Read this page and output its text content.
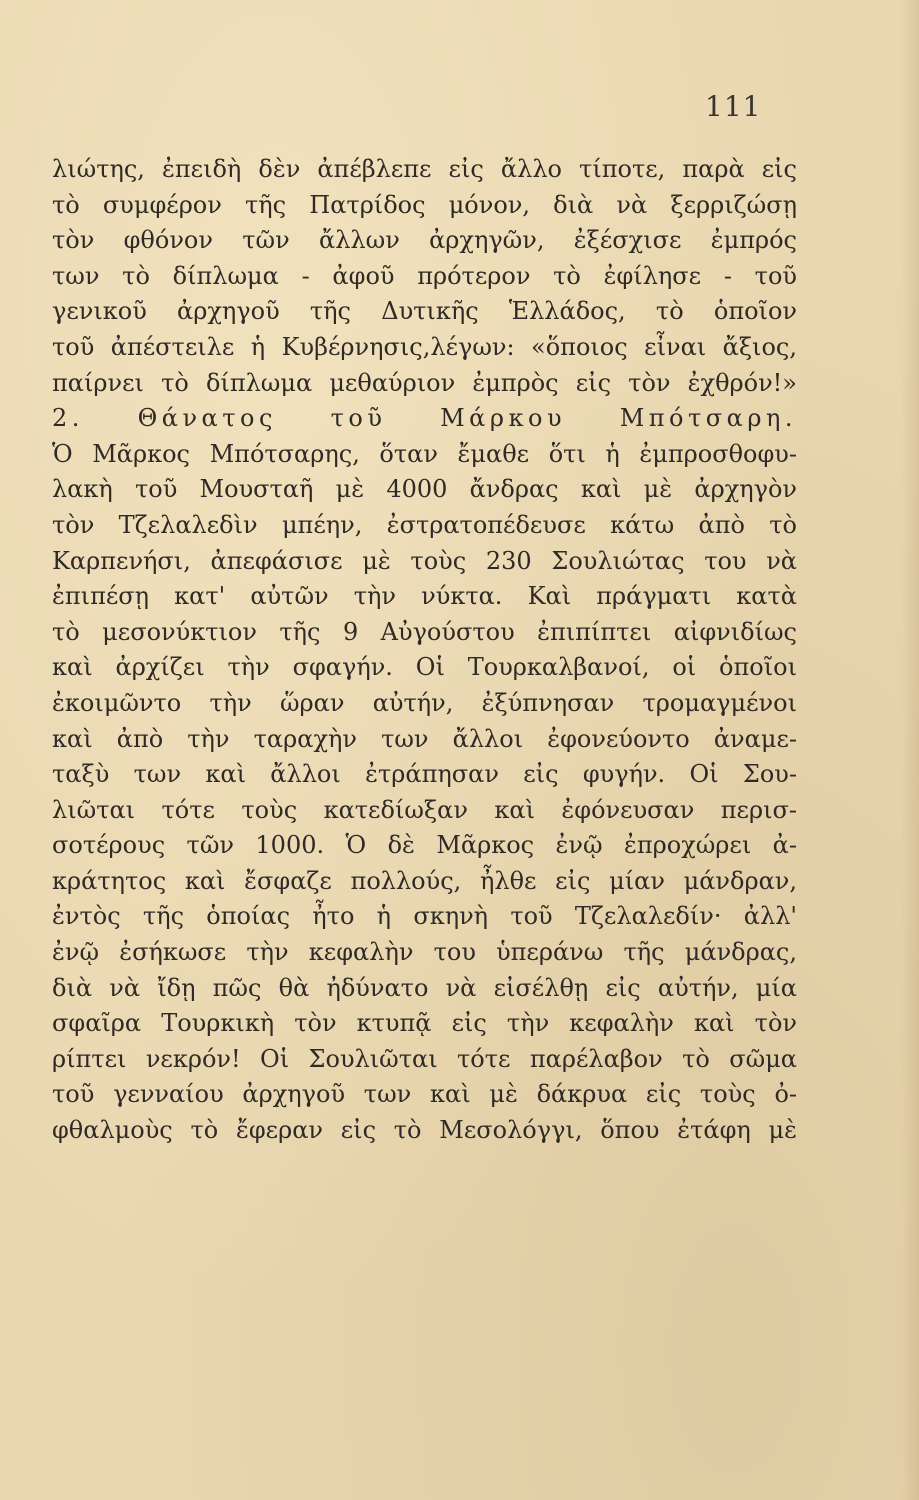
111
λιώτης, ἐπειδὴ δὲν ἀπέβλεπε εἰς ἄλλο τίποτε, παρὰ εἰς
τὸ συμφέρον τῆς Πατρίδος μόνον, διὰ νὰ ξερριζώσῃ
τὸν φθόνον τῶν ἄλλων ἀρχηγῶν, ἐξέσχισε ἐμπρός
των τὸ δίπλωμα - ἀφοῦ πρότερον τὸ ἐφίλησε - τοῦ
γενικοῦ ἀρχηγοῦ τῆς Δυτικῆς Ἑλλάδος, τὸ ὁποῖον
τοῦ ἀπέστειλε ἡ Κυβέρνησις,λέγων: «ὅποιος εἶναι ἄξιος,
παίρνει τὸ δίπλωμα μεθαύριον ἐμπρὸς εἰς τὸν ἐχθρόν!»
2. Θάνατος τοῦ Μάρκου Μπότσαρη.
Ὁ Μᾶρκος Μπότσαρης, ὅταν ἔμαθε ὅτι ἡ ἐμπροσθοφυ-
λακὴ τοῦ Μουσταῆ μὲ 4000 ἄνδρας καὶ μὲ ἀρχηγὸν
τὸν Τζελαλεδὶν μπέην, ἐστρατοπέδευσε κάτω ἀπὸ τὸ
Καρπενήσι, ἀπεφάσισε μὲ τοὺς 230 Σουλιώτας του νὰ
ἐπιπέσῃ κατ' αὐτῶν τὴν νύκτα. Καὶ πράγματι κατὰ
τὸ μεσονύκτιον τῆς 9 Αὐγούστου ἐπιπίπτει αἰφνιδίως
καὶ ἀρχίζει τὴν σφαγήν. Οἱ Τουρκαλβανοί, οἱ ὁποῖοι
ἐκοιμῶντο τὴν ὥραν αὐτήν, ἐξύπνησαν τρομαγμένοι
καὶ ἀπὸ τὴν ταραχὴν των ἄλλοι ἐφονεύοντο ἀναμε-
ταξὺ των καὶ ἄλλοι ἐτράπησαν εἰς φυγήν. Οἱ Σου-
λιῶται τότε τοὺς κατεδίωξαν καὶ ἐφόνευσαν περισ-
σοτέρους τῶν 1000. Ὁ δὲ Μᾶρκος ἐνῷ ἐπροχώρει ἀ-
κράτητος καὶ ἔσφαζε πολλούς, ἦλθε εἰς μίαν μάνδραν,
ἐντὸς τῆς ὁποίας ἦτο ἡ σκηνὴ τοῦ Τζελαλεδίν· ἀλλ'
ἐνῷ ἐσήκωσε τὴν κεφαλὴν του ὑπεράνω τῆς μάνδρας,
διὰ νὰ ἴδῃ πῶς θὰ ἠδύνατο νὰ εἰσέλθῃ εἰς αὐτήν, μία
σφαῖρα Τουρκικὴ τὸν κτυπᾷ εἰς τὴν κεφαλὴν καὶ τὸν
ρίπτει νεκρόν! Οἱ Σουλιῶται τότε παρέλαβον τὸ σῶμα
τοῦ γενναίου ἀρχηγοῦ των καὶ μὲ δάκρυα εἰς τοὺς ὀ-
φθαλμοὺς τὸ ἔφεραν εἰς τὸ Μεσολόγγι, ὅπου ἐτάφη μὲ
